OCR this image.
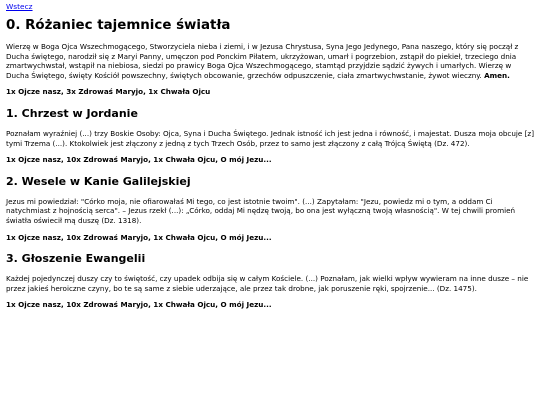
Wstecz
0. Różaniec tajemnice światła

Wierzę w Boga Ojca Wszechmogącego, Stworzyciela nieba i ziemi, i w Jezusa Chrystusa, Syna Jego Jedynego, Pana naszego, który się począł z Ducha świętego, narodził się z Maryi Panny, umęczon pod Ponckim Piłatem, ukrzyżowan, umarł i pogrzebion, zstąpił do piekieł, trzeciego dnia zmartwychwstał, wstąpił na niebiosa, siedzi po prawicy Boga Ojca Wszechmogącego, stamtąd przyjdzie sądzić żywych i umarłych. Wierzę w Ducha Świętego, święty Kościół powszechny, świętych obcowanie, grzechów odpuszczenie, ciała zmartwychwstanie, żywot wieczny. Amen.

1x Ojcze nasz, 3x Zdrowaś Maryjo, 1x Chwała Ojcu

1. Chrzest w Jordanie

Poznałam wyraźniej (...) trzy Boskie Osoby: Ojca, Syna i Ducha Świętego. Jednak istność ich jest jedna i równość, i majestat. Dusza moja obcuje [z] tymi Trzema (...). Ktokolwiek jest złączony z jedną z tych Trzech Osób, przez to samo jest złączony z całą Trójcą Świętą (Dz. 472).

1x Ojcze nasz, 10x Zdrowaś Maryjo, 1x Chwała Ojcu, O mój Jezu...

2. Wesele w Kanie Galilejskiej

Jezus mi powiedział: "Córko moja, nie ofiarowałaś Mi tego, co jest istotnie twoim". (...) Zapytałam: "Jezu, powiedz mi o tym, a oddam Ci natychmiast z hojnością serca". – Jezus rzekł (...): „Córko, oddaj Mi nędzę twoją, bo ona jest wyłączną twoją własnością". W tej chwili promień światła oświecił mą duszę (Dz. 1318).

1x Ojcze nasz, 10x Zdrowaś Maryjo, 1x Chwała Ojcu, O mój Jezu...

3. Głoszenie Ewangelii

Każdej pojedynczej duszy czy to świętość, czy upadek odbija się w całym Kościele. (...) Poznałam, jak wielki wpływ wywieram na inne dusze – nie przez jakieś heroiczne czyny, bo te są same z siebie uderzające, ale przez tak drobne, jak poruszenie ręki, spojrzenie... (Dz. 1475).

1x Ojcze nasz, 10x Zdrowaś Maryjo, 1x Chwała Ojcu, O mój Jezu...
